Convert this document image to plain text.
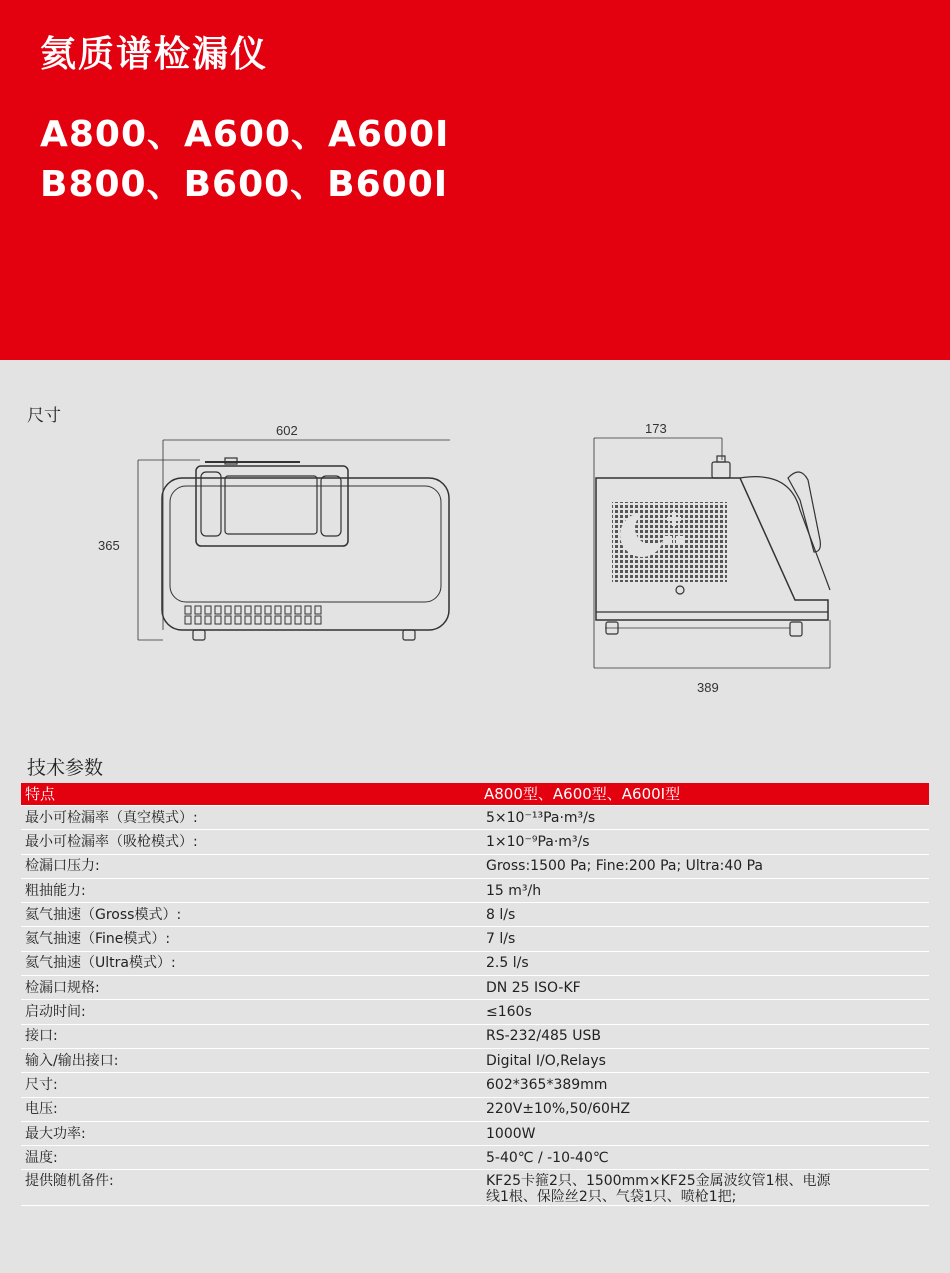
氦质谱检漏仪
A800、A600、A600I
B800、B600、B600I
尺寸
602
365
173
389
技术参数
特点	A800型、A600型、A600I型
最小可检漏率（真空模式）:	5×10⁻¹³Pa·m³/s
最小可检漏率（吸枪模式）:	1×10⁻⁹Pa·m³/s
检漏口压力:	Gross:1500 Pa; Fine:200 Pa; Ultra:40 Pa
粗抽能力:	15 m³/h
氦气抽速（Gross模式）:	8 l/s
氦气抽速（Fine模式）:	7 l/s
氦气抽速（Ultra模式）:	2.5 l/s
检漏口规格:	DN 25 ISO-KF
启动时间:	≤160s
接口:	RS-232/485 USB
输入/输出接口:	Digital I/O,Relays
尺寸:	602*365*389mm
电压:	220V±10%,50/60HZ
最大功率:	1000W
温度:	5-40℃ / -10-40℃
提供随机备件:	KF25卡箍2只、1500mm×KF25金属波纹管1根、电源
线1根、保险丝2只、气袋1只、喷枪1把;
